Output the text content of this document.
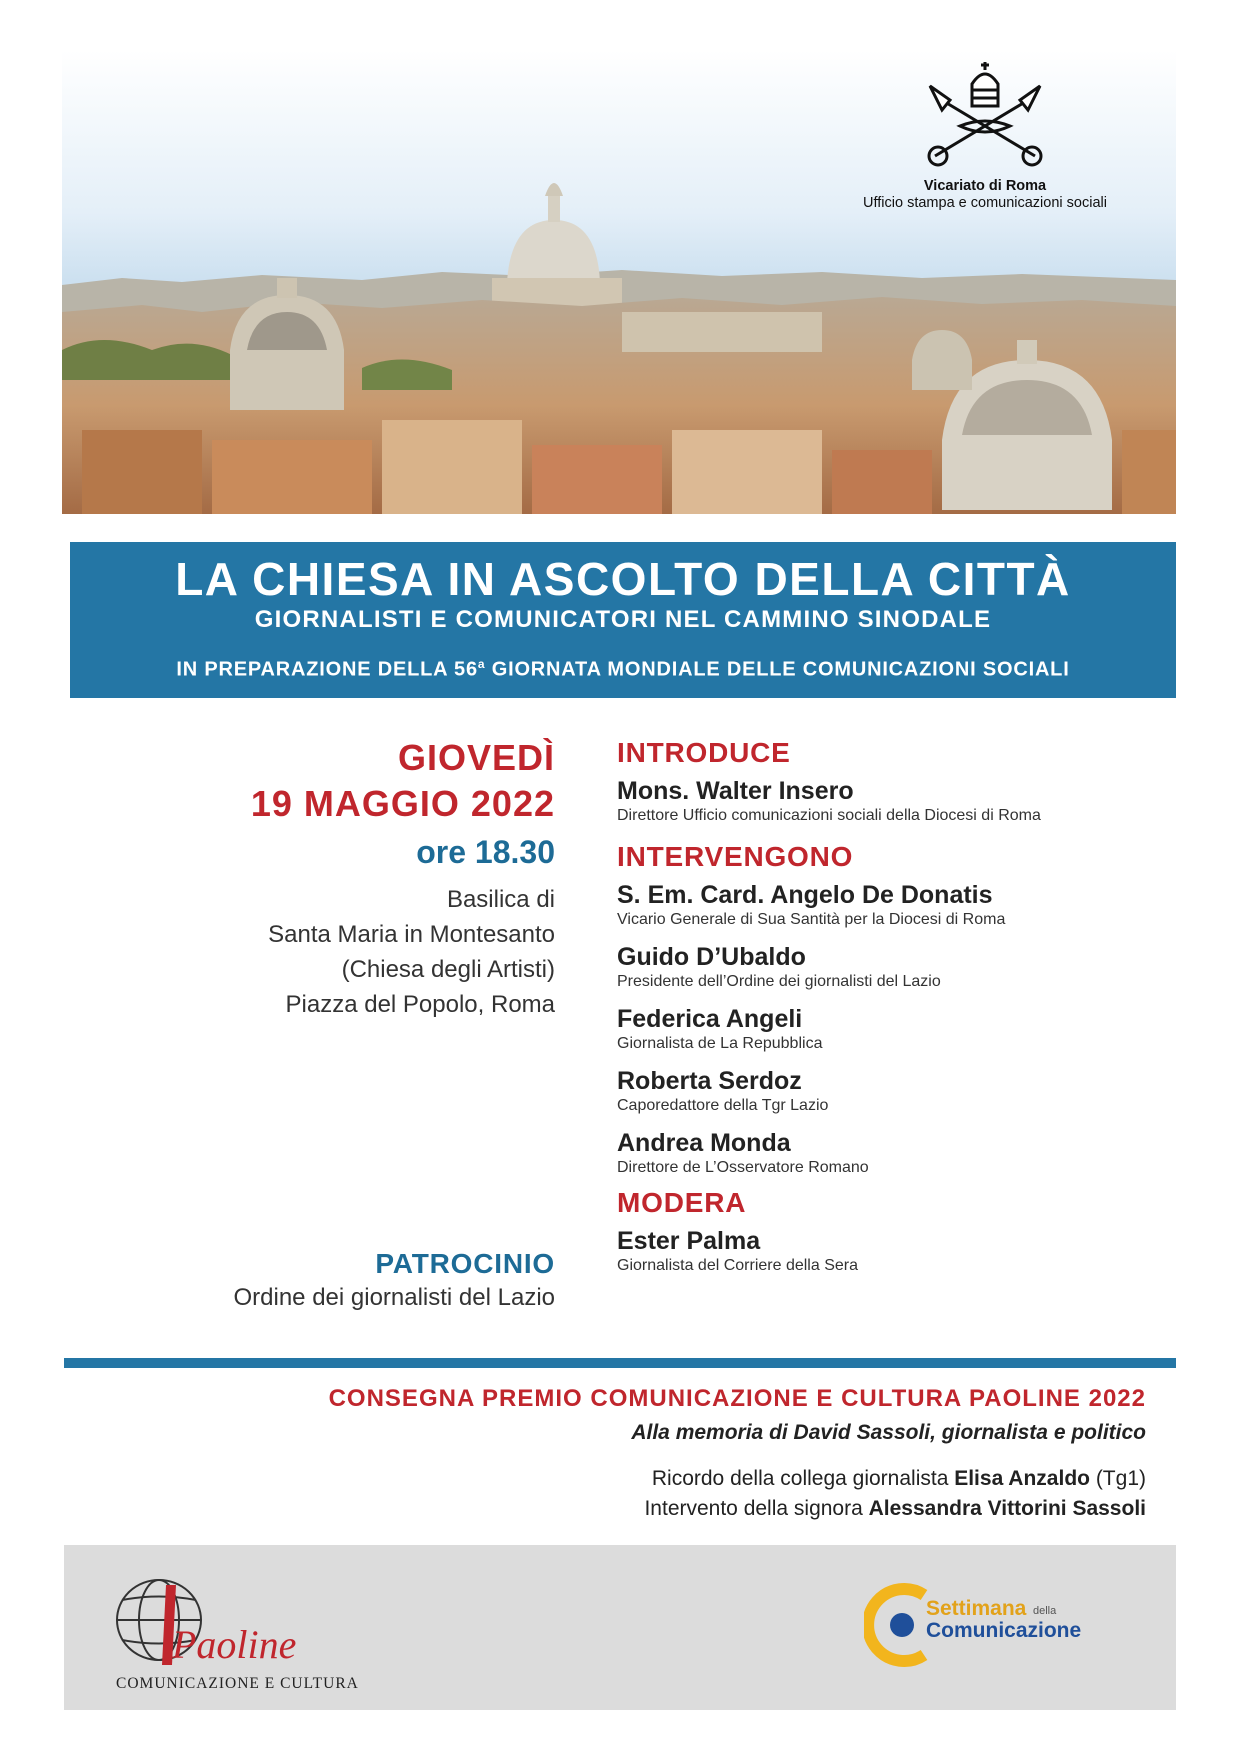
Vicariato di Roma
Ufficio stampa e comunicazioni sociali
LA CHIESA IN ASCOLTO DELLA CITTÀ
GIORNALISTI E COMUNICATORI NEL CAMMINO SINODALE
IN PREPARAZIONE DELLA 56$^a$ GIORNATA MONDIALE DELLE COMUNICAZIONI SOCIALI
GIOVEDÌ
19 MAGGIO 2022
ore 18.30
Basilica di
Santa Maria in Montesanto
(Chiesa degli Artisti)
Piazza del Popolo, Roma
PATROCINIO
Ordine dei giornalisti del Lazio
INTRODUCE
Mons. Walter Insero
Direttore Ufficio comunicazioni sociali della Diocesi di Roma
INTERVENGONO
S. Em. Card. Angelo De Donatis
Vicario Generale di Sua Santità per la Diocesi di Roma
Guido D’Ubaldo
Presidente dell’Ordine dei giornalisti del Lazio
Federica Angeli
Giornalista de La Repubblica
Roberta Serdoz
Caporedattore della Tgr Lazio
Andrea Monda
Direttore de L’Osservatore Romano
MODERA
Ester Palma
Giornalista del Corriere della Sera
CONSEGNA PREMIO COMUNICAZIONE E CULTURA PAOLINE 2022
Alla memoria di David Sassoli, giornalista e politico
Ricordo della collega giornalista Elisa Anzaldo (Tg1)
Intervento della signora Alessandra Vittorini Sassoli
Paoline
COMUNICAZIONE E CULTURA
Settimana della
Comunicazione
